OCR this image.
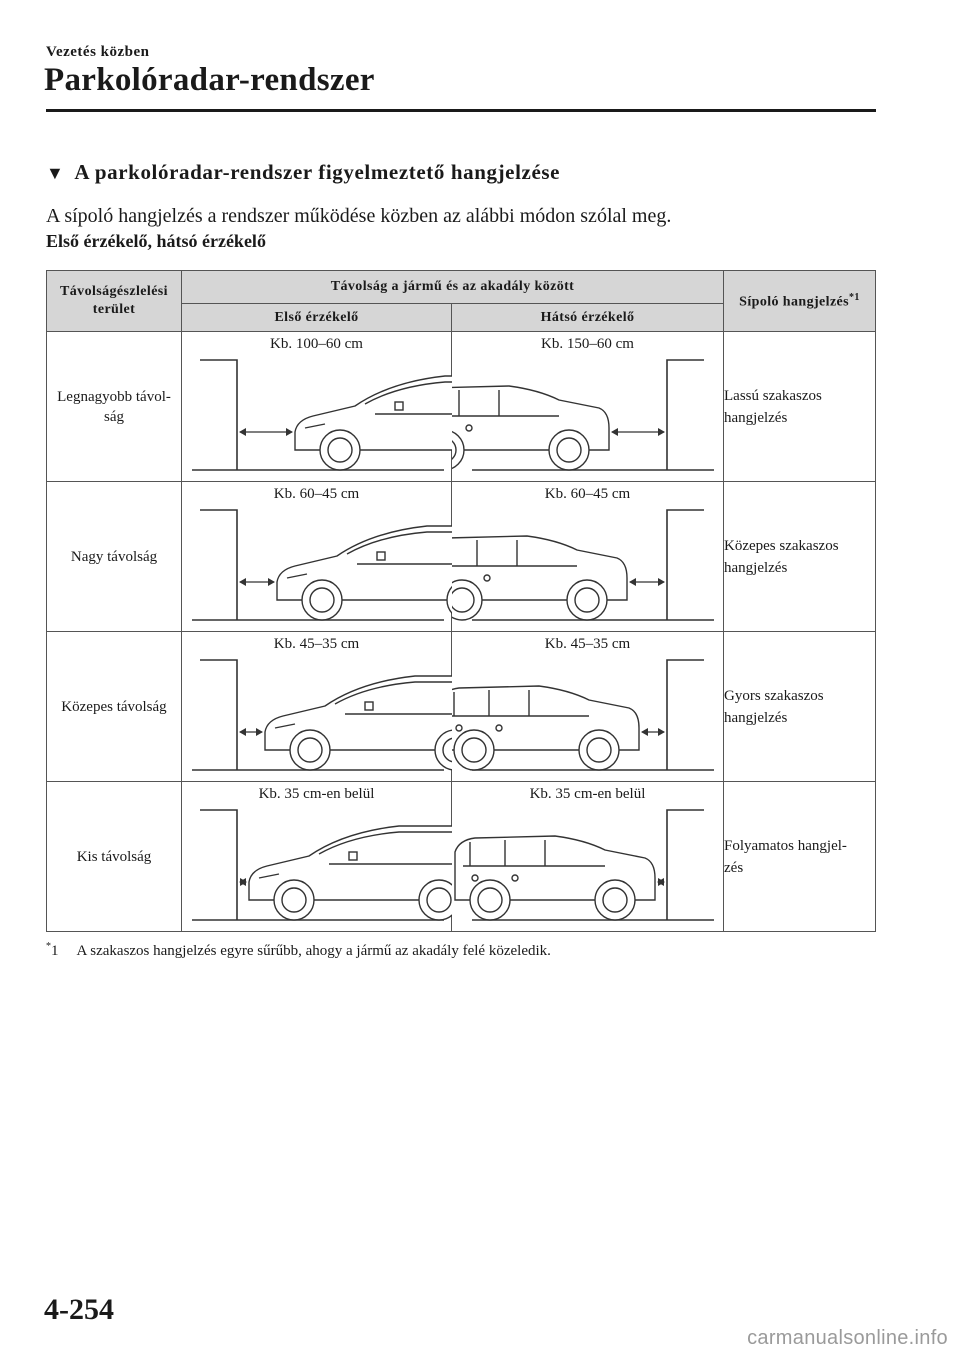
Vezetés közben
Parkolóradar-rendszer
▼ A parkolóradar-rendszer figyelmeztető hangjelzése
A sípoló hangjelzés a rendszer működése közben az alábbi módon szólal meg.
Első érzékelő, hátsó érzékelő
Távolságészlelési
terület	Távolság a jármű és az akadály között		Sípoló hangjelzés$^{*1}$
	Első érzékelő	Hátsó érzékelő	
Legnagyobb távol-
ság	Kb. 100–60 cm	Kb. 150–60 cm	Lassú szakaszos
hangjelzés
Nagy távolság	Kb. 60–45 cm	Kb. 60–45 cm	Közepes szakaszos
hangjelzés
Közepes távolság	Kb. 45–35 cm	Kb. 45–35 cm	Gyors szakaszos
hangjelzés
Kis távolság	Kb. 35 cm-en belül	Kb. 35 cm-en belül	Folyamatos hangjel-
zés
*1 A szakaszos hangjelzés egyre sűrűbb, ahogy a jármű az akadály felé közeledik.
4-254
carmanualsonline.info
